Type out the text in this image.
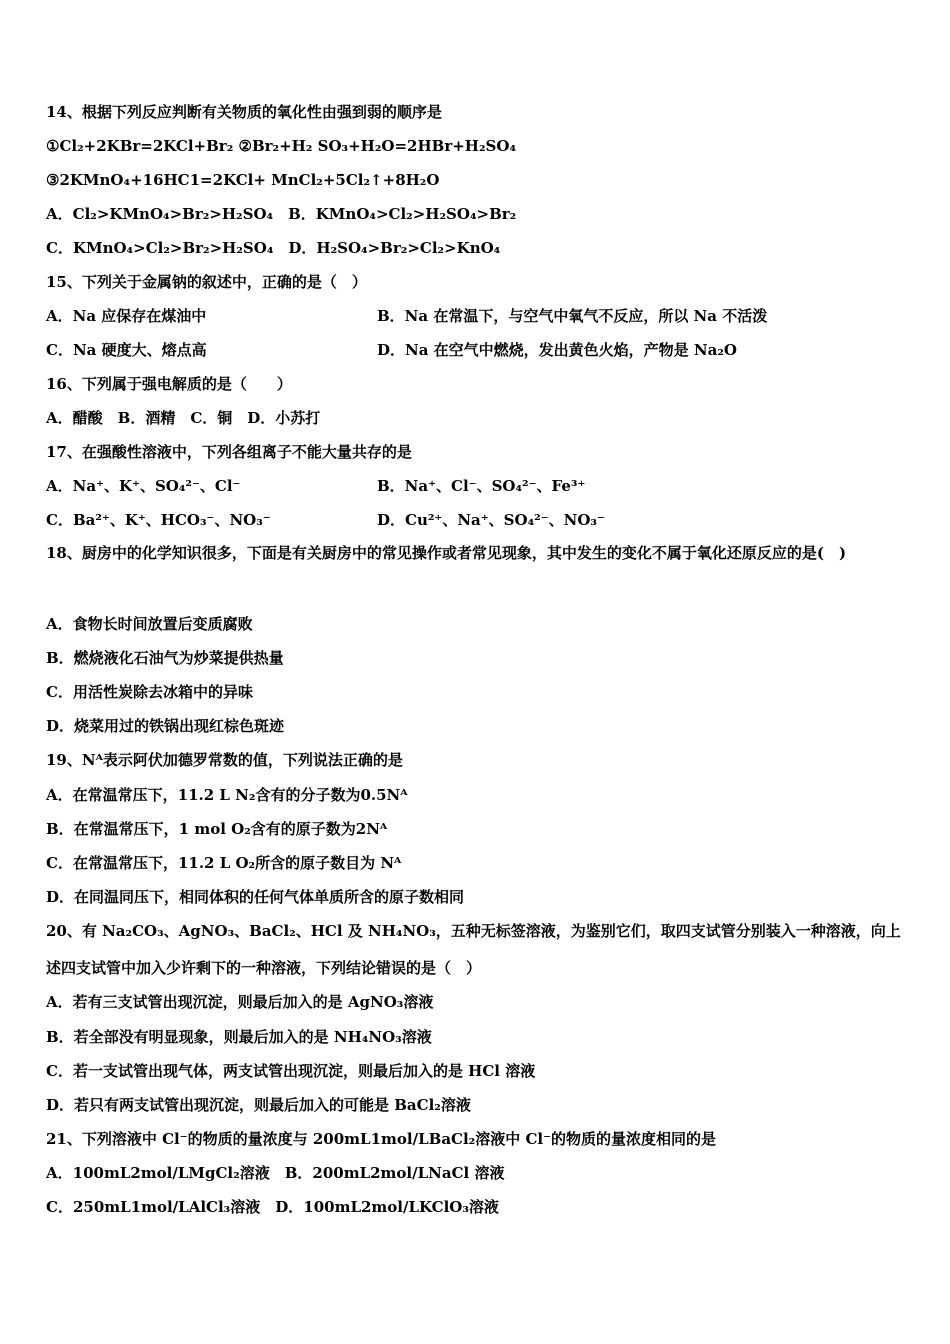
14、根据下列反应判断有关物质的氧化性由强到弱的顺序是
①Cl₂+2KBr=2KCl+Br₂ ②Br₂+H₂ SO₃+H₂O=2HBr+H₂SO₄
③2KMnO₄+16HC1=2KCl+ MnCl₂+5Cl₂↑+8H₂O
A．Cl₂>KMnO₄>Br₂>H₂SO₄　B．KMnO₄>Cl₂>H₂SO₄>Br₂
C．KMnO₄>Cl₂>Br₂>H₂SO₄　D．H₂SO₄>Br₂>Cl₂>KnO₄
15、下列关于金属钠的叙述中，正确的是（　）
A．Na 应保存在煤油中	B．Na 在常温下，与空气中氧气不反应，所以 Na 不活泼
C．Na 硬度大、熔点高	D．Na 在空气中燃烧，发出黄色火焰，产物是 Na₂O
16、下列属于强电解质的是（　　）
A．醋酸　B．酒精　C．铜　D．小苏打
17、在强酸性溶液中，下列各组离子不能大量共存的是
A．Na⁺、K⁺、SO₄²⁻、Cl⁻	B．Na⁺、Cl⁻、SO₄²⁻、Fe³⁺
C．Ba²⁺、K⁺、HCO₃⁻、NO₃⁻	D．Cu²⁺、Na⁺、SO₄²⁻、NO₃⁻
18、厨房中的化学知识很多，下面是有关厨房中的常见操作或者常见现象，其中发生的变化不属于氧化还原反应的是(　)
A．食物长时间放置后变质腐败
B．燃烧液化石油气为炒菜提供热量
C．用活性炭除去冰箱中的异味
D．烧菜用过的铁锅出现红棕色斑迹
19、Nᴬ表示阿伏加德罗常数的值，下列说法正确的是
A．在常温常压下，11.2 L N₂含有的分子数为0.5Nᴬ
B．在常温常压下，1 mol O₂含有的原子数为2Nᴬ
C．在常温常压下，11.2 L O₂所含的原子数目为 Nᴬ
D．在同温同压下，相同体积的任何气体单质所含的原子数相同
20、有 Na₂CO₃、AgNO₃、BaCl₂、HCl 及 NH₄NO₃，五种无标签溶液，为鉴别它们，取四支试管分别装入一种溶液，向上述四支试管中加入少许剩下的一种溶液，下列结论错误的是（　）
A．若有三支试管出现沉淀，则最后加入的是 AgNO₃溶液
B．若全部没有明显现象，则最后加入的是 NH₄NO₃溶液
C．若一支试管出现气体，两支试管出现沉淀，则最后加入的是 HCl 溶液
D．若只有两支试管出现沉淀，则最后加入的可能是 BaCl₂溶液
21、下列溶液中 Cl⁻的物质的量浓度与 200mL1mol/LBaCl₂溶液中 Cl⁻的物质的量浓度相同的是
A．100mL2mol/LMgCl₂溶液　B．200mL2mol/LNaCl 溶液
C．250mL1mol/LAlCl₃溶液　D．100mL2mol/LKClO₃溶液
